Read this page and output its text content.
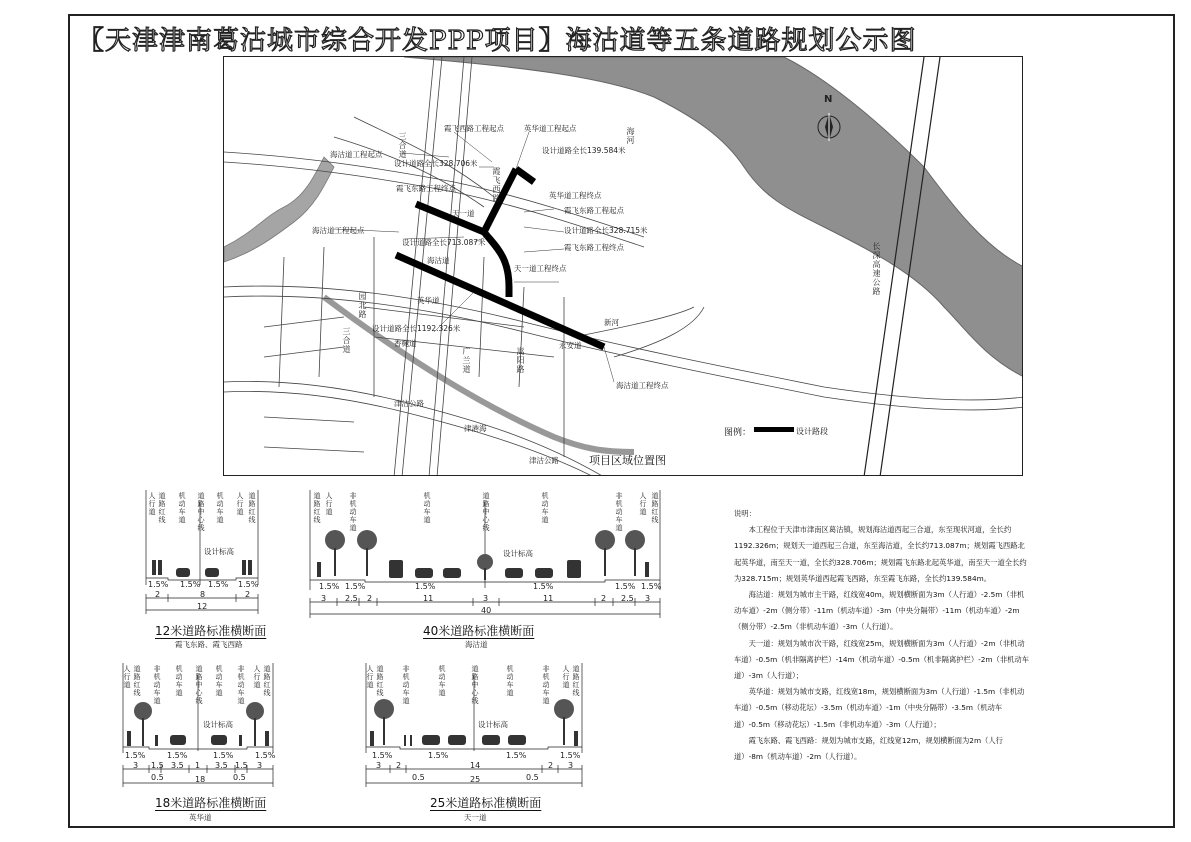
〖天津津南葛沽城市综合开发PPP项目〗海沽道等五条道路规划公示图
N
英华道工程起点
霞飞西路工程起点
设计道路全长139.584米
海沽道工程起点
设计道路全长328.706米
霞飞东路工程终点
英华道工程终点
霞飞东路工程起点
设计道路全长328.715米
霞飞东路工程终点
海沽道工程起点
设计道路全长713.087米
天一道工程终点
设计道路全长1192.326米
海沽道工程终点
三合道
三合道
天一道
海沽道
英华道
香樾道	永安道
广兰道	嵩阳路
园北路
津沽公路
津港海
津沽公路
新河
长深高速公路
海河
霞飞西路
项目区域位置图
图例：	设计路段
人行道 道路红线 机动车道 道路中心线 机动车道 人行道 道路红线
设计标高
1.5% 1.5% 1.5% 1.5%
2	8	2
12
12米道路标准横断面
霞飞东路、霞飞西路
道路红线 人行道 非机动车道	机动车道	道路中心线	机动车道	非机动车道 人行道 道路红线
设计标高
1.5% 1.5%	1.5%	1.5%	1.5% 1.5%
3 2.5 2	11	3	11	2 2.5 3
40
40米道路标准横断面
海沽道
人行道 道路红线 非机动车道 机动车道 道路中心线 机动车道 非机动车道 人行道 道路红线
设计标高
1.5%	1.5%	1.5%	1.5%
3 1.5 3.5 1 3.5 1.5 3
0.5	0.5
18
18米道路标准横断面
英华道
人行道 道路红线	非机动车道	机动车道	道路中心线	机动车道	非机动车道 人行道 道路红线
设计标高
1.5%	1.5%	1.5%	1.5%
3 2	14	2 3
0.5	0.5
25
25米道路标准横断面
天一道

说明：

本工程位于天津市津南区葛沽镇，规划海沽道西起三合道，东至现状河道，全长约1192.326m；规划天一道西起三合道，东至海沽道，全长约713.087m；规划霞飞西路北起英华道，南至天一道，全长约328.706m；规划霞飞东路北起英华道，南至天一道全长约为328.715m；规划英华道西起霞飞西路，东至霞飞东路，全长约139.584m。

海沽道：规划为城市主干路，红线宽40m，规划横断面为3m（人行道）-2.5m（非机动车道）-2m（侧分带）-11m（机动车道）-3m（中央分隔带）-11m（机动车道）-2m（侧分带）-2.5m（非机动车道）-3m（人行道）。

天一道：规划为城市次干路，红线宽25m，规划横断面为3m（人行道）-2m（非机动车道）-0.5m（机非隔离护栏）-14m（机动车道）-0.5m（机非隔离护栏）-2m（非机动车道）-3m（人行道）；

英华道：规划为城市支路，红线宽18m，规划横断面为3m（人行道）-1.5m（非机动车道）-0.5m（移动花坛）-3.5m（机动车道）-1m（中央分隔带）-3.5m（机动车道）-0.5m（移动花坛）-1.5m（非机动车道）-3m（人行道）；

霞飞东路、霞飞西路：规划为城市支路，红线宽12m，规划横断面为2m（人行道）-8m（机动车道）-2m（人行道）。
